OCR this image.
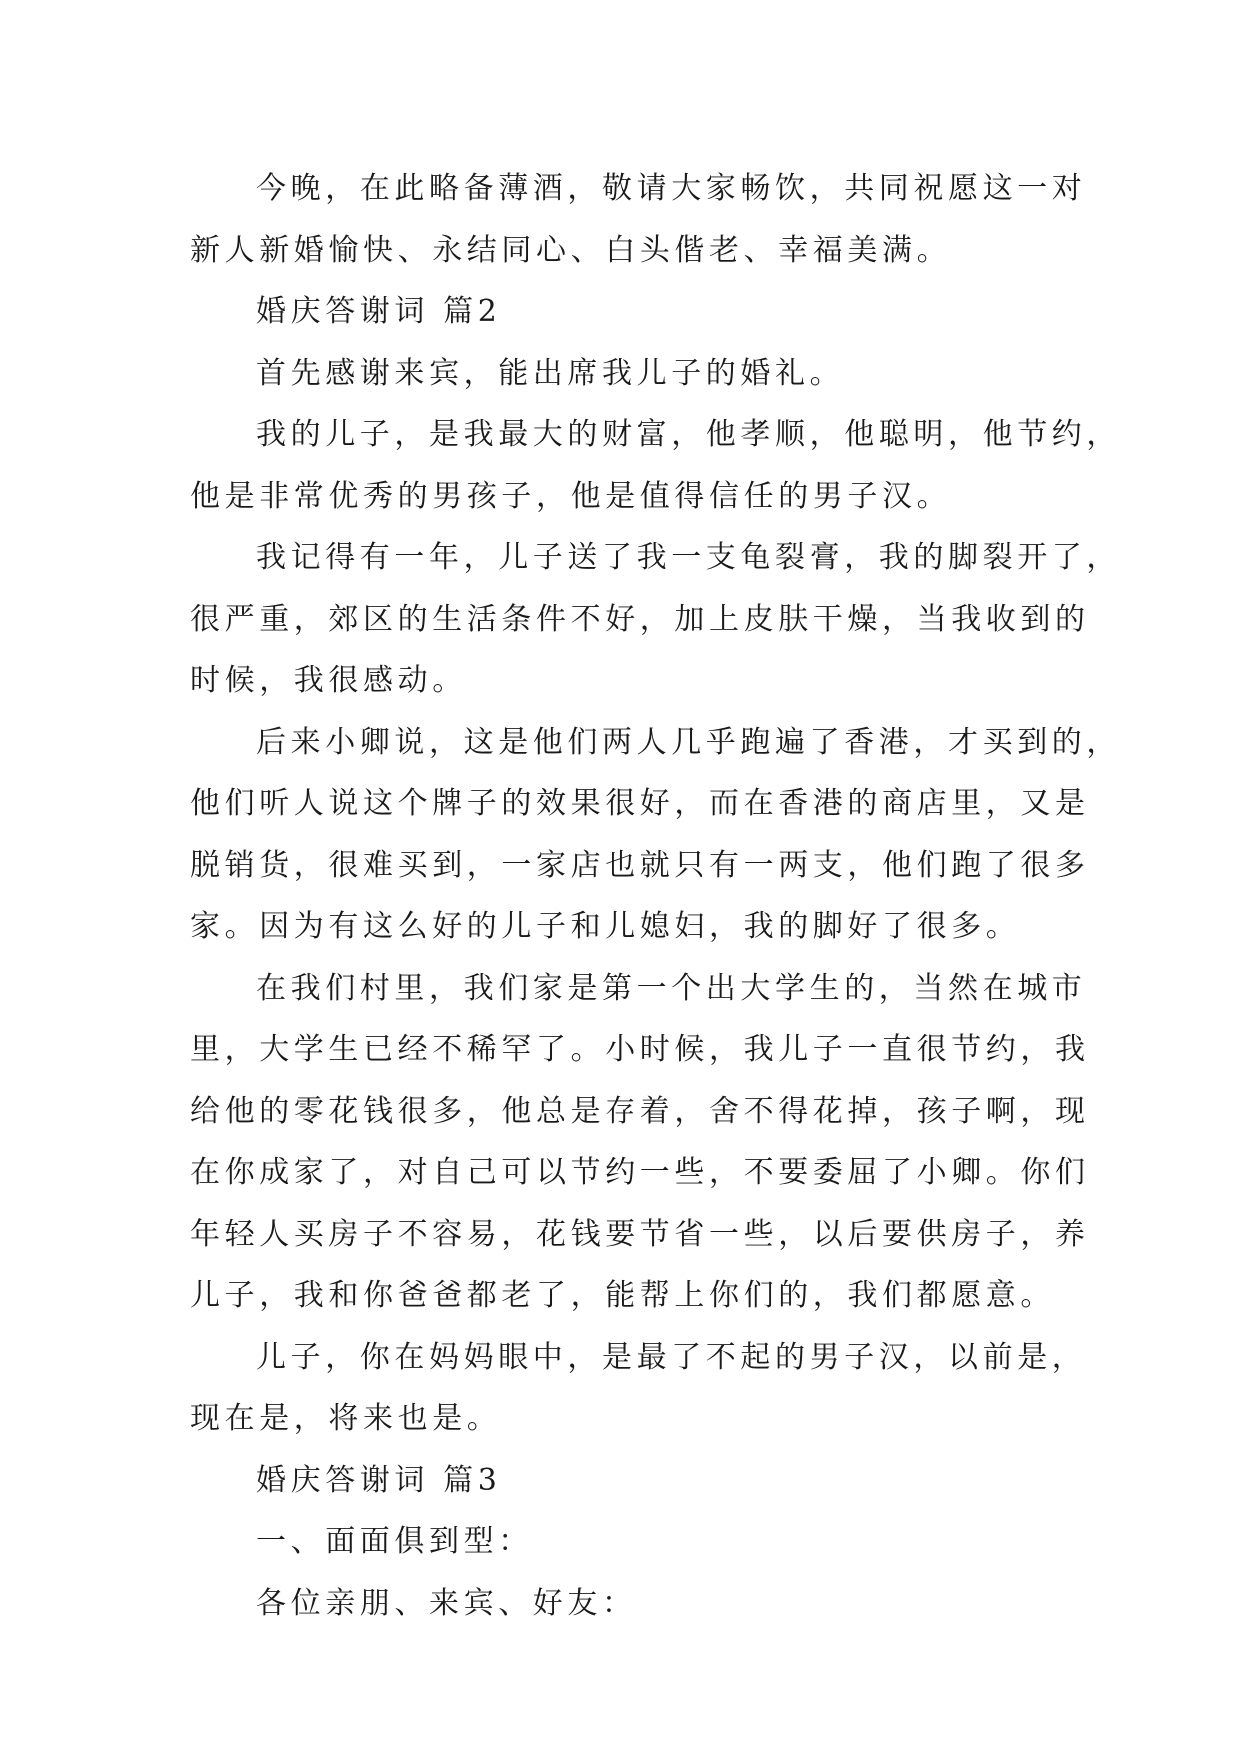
今晚，在此略备薄酒，敬请大家畅饮，共同祝愿这一对

新人新婚愉快、永结同心、白头偕老、幸福美满。

婚庆答谢词 篇2

首先感谢来宾，能出席我儿子的婚礼。

我的儿子，是我最大的财富，他孝顺，他聪明，他节约，

他是非常优秀的男孩子，他是值得信任的男子汉。

我记得有一年，儿子送了我一支龟裂膏，我的脚裂开了，

很严重，郊区的生活条件不好，加上皮肤干燥，当我收到的

时候，我很感动。

后来小卿说，这是他们两人几乎跑遍了香港，才买到的，

他们听人说这个牌子的效果很好，而在香港的商店里，又是

脱销货，很难买到，一家店也就只有一两支，他们跑了很多

家。因为有这么好的儿子和儿媳妇，我的脚好了很多。

在我们村里，我们家是第一个出大学生的，当然在城市

里，大学生已经不稀罕了。小时候，我儿子一直很节约，我

给他的零花钱很多，他总是存着，舍不得花掉，孩子啊，现

在你成家了，对自己可以节约一些，不要委屈了小卿。你们

年轻人买房子不容易，花钱要节省一些，以后要供房子，养

儿子，我和你爸爸都老了，能帮上你们的，我们都愿意。

儿子，你在妈妈眼中，是最了不起的男子汉，以前是，

现在是，将来也是。

婚庆答谢词 篇3

一、面面俱到型：

各位亲朋、来宾、好友：
